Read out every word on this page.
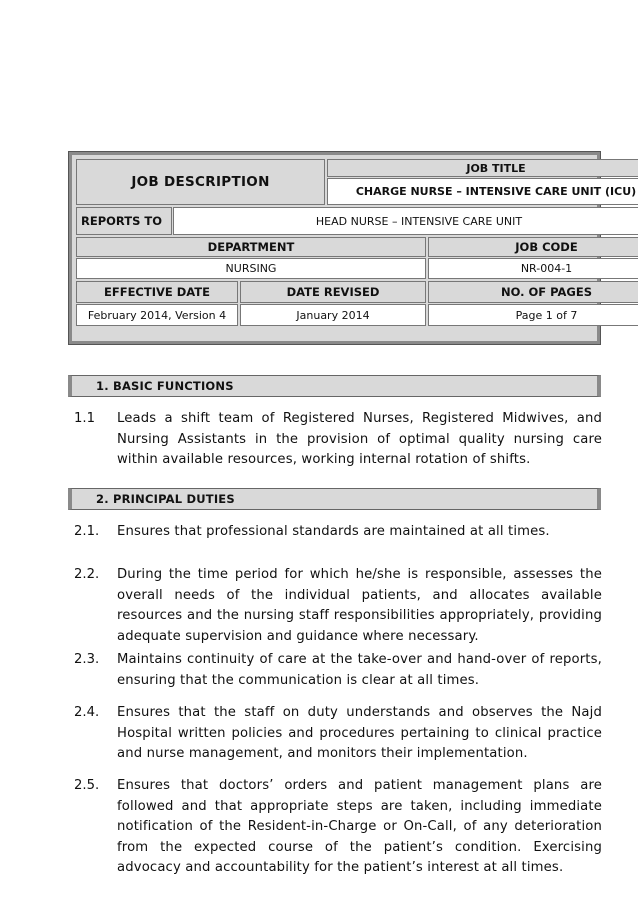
JOB DESCRIPTION
JOB TITLE
CHARGE NURSE – INTENSIVE CARE UNIT (ICU)
REPORTS TO	HEAD NURSE – INTENSIVE CARE UNIT
DEPARTMENT	JOB CODE
NURSING	NR-004-1
EFFECTIVE DATE	DATE REVISED	NO. OF PAGES
February 2014, Version 4	January 2014	Page 1 of 7
1. BASIC FUNCTIONS
1.1	Leads a shift team of Registered Nurses, Registered Midwives, and Nursing Assistants in the provision of optimal quality nursing care within available resources, working internal rotation of shifts.
2. PRINCIPAL DUTIES
2.1.	Ensures that professional standards are maintained at all times.
2.2.	During the time period for which he/she is responsible, assesses the overall needs of the individual patients, and allocates available resources and the nursing staff responsibilities appropriately, providing adequate supervision and guidance where necessary.
2.3.	Maintains continuity of care at the take-over and hand-over of reports, ensuring that the communication is clear at all times.
2.4.	Ensures that the staff on duty understands and observes the Najd Hospital written policies and procedures pertaining to clinical practice and nurse management, and monitors their implementation.
2.5.	Ensures that doctors’ orders and patient management plans are followed and that appropriate steps are taken, including immediate notification of the Resident-in-Charge or On-Call, of any deterioration from the expected course of the patient’s condition. Exercising advocacy and accountability for the patient’s interest at all times.
